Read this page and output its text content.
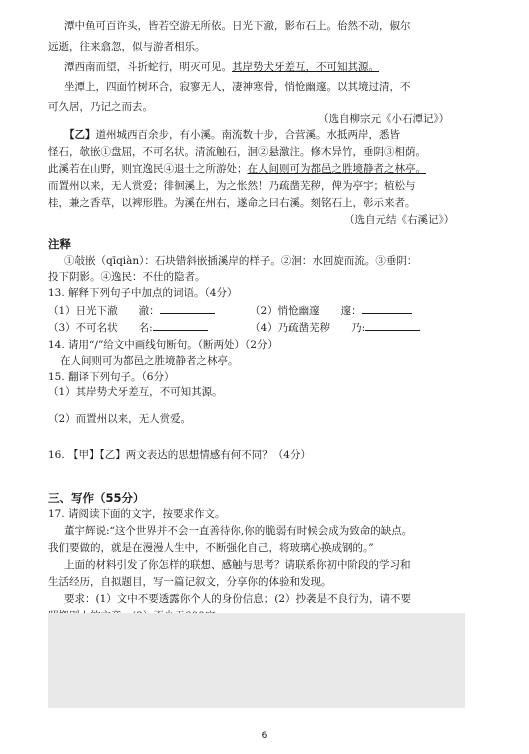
潭中鱼可百许头，皆若空游无所依。日光下澈，影布石上。佁然不动，俶尔
远逝，往来翕忽，似与游者相乐。
潭西南而望，斗折蛇行，明灭可见。其岸势犬牙差互，不可知其源。
坐潭上，四面竹树环合，寂寥无人，凄神寒骨，悄怆幽邃。以其境过清，不
可久居，乃记之而去。
（选自柳宗元《小石潭记》）
【乙】道州城西百余步，有小溪。南流数十步，合营溪。水抵两岸，悉皆
怪石，欹嵌①盘屈，不可名状。清流触石，洄②悬激注。修木异竹，垂阴③相荫。
此溪若在山野，则宜逸民④退士之所游处；在人间则可为都邑之胜境静者之林亭。
而置州以来，无人赏爱；徘徊溪上，为之怅然！乃疏凿芜秽，俾为亭宇；植松与
桂，兼之香草，以裨形胜。为溪在州右，遂命之曰右溪。刻铭石上，彰示来者。
（选自元结《右溪记》）
注释
①敧嵌（qīqiàn）：石块错斜嵌插溪岸的样子。②洄：水回旋而流。③垂阴：
投下阴影。④逸民：不仕的隐者。
13. 解释下列句子中加点的词语。（4分）
（1）日光下澈　　澈：	（2）悄怆幽邃　　邃：
（3）不可名状　　名:	（4）乃疏凿芜秽　　乃:
14. 请用“/”给文中画线句断句。（断两处）（2分）
在人间则可为都邑之胜境静者之林亭。
15. 翻译下列句子。（6分）
（1）其岸势犬牙差互，不可知其源。
（2）而置州以来，无人赏爱。
16. 【甲】【乙】两文表达的思想情感有何不同？（4分）
三、写作（55分）
17. 请阅读下面的文字，按要求作文。
董宇辉说:“这个世界并不会一直善待你,你的脆弱有时候会成为致命的缺点。
我们要做的，就是在漫漫人生中，不断强化自己，将玻璃心换成钢的。”
上面的材料引发了你怎样的联想、感触与思考？请联系你初中阶段的学习和
生活经历，自拟题目，写一篇记叙文，分享你的体验和发现。
要求：(1）文中不要透露你个人的身份信息；(2）抄袭是不良行为，请不要
6
